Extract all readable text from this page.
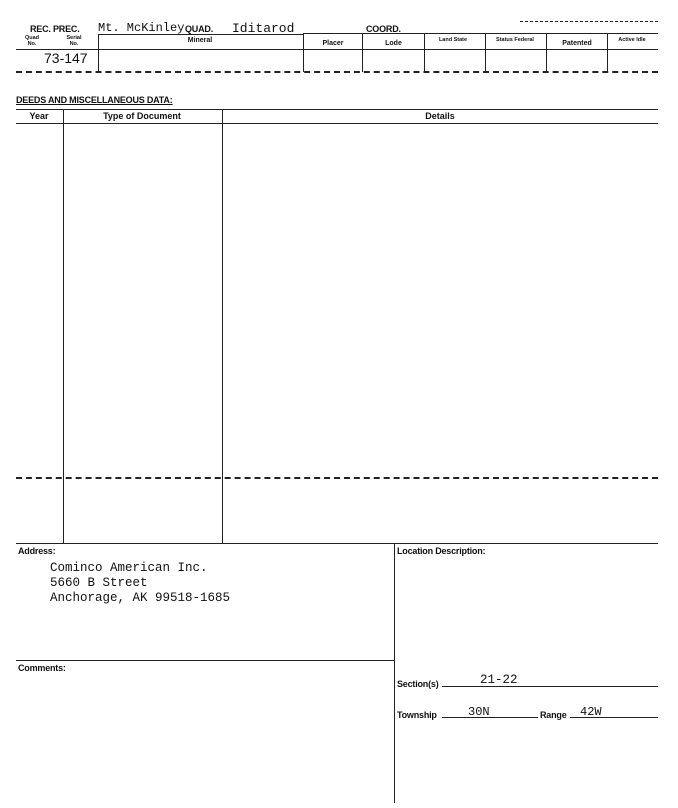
REC. PREC. Mt. McKinley QUAD. Iditarod	COORD.
Quad No.
Serial No.	Mineral	Placer	Lode	Land State	Status Federal	Patented	Active Idle
73-147
DEEDS AND MISCELLANEOUS DATA:
Year	Type of Document	Details
Address:
Cominco American Inc.
5660 B Street
Anchorage, AK 99518-1685
Location Description:
Comments:
Section(s)	21-22
Township	30N	Range 42W
